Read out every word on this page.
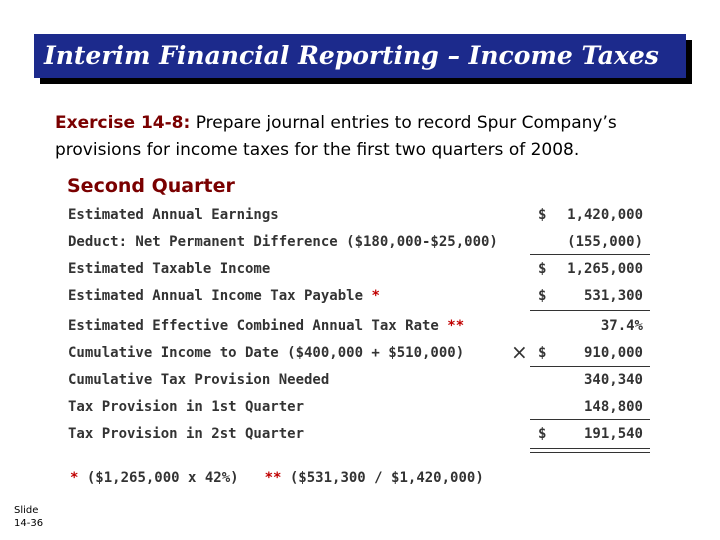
Interim Financial Reporting – Income Taxes
Exercise 14-8: Prepare journal entries to record Spur Company’s provisions for income taxes for the first two quarters of 2008.
Second Quarter
Estimated Annual Earnings	$ 1,420,000
Deduct: Net Permanent Difference ($180,000-$25,000)	(155,000)
Estimated Taxable Income	$ 1,265,000
Estimated Annual Income Tax Payable *	$	531,300
Estimated Effective Combined Annual Tax Rate **	37.4%
Cumulative Income to Date ($400,000 + $510,000) × $	910,000
Cumulative Tax Provision Needed	340,340
Tax Provision in 1st Quarter	148,800
Tax Provision in 2st Quarter	$	191,540
* ($1,265,000 x 42%) ** ($531,300 / $1,420,000)
Slide
14-36
